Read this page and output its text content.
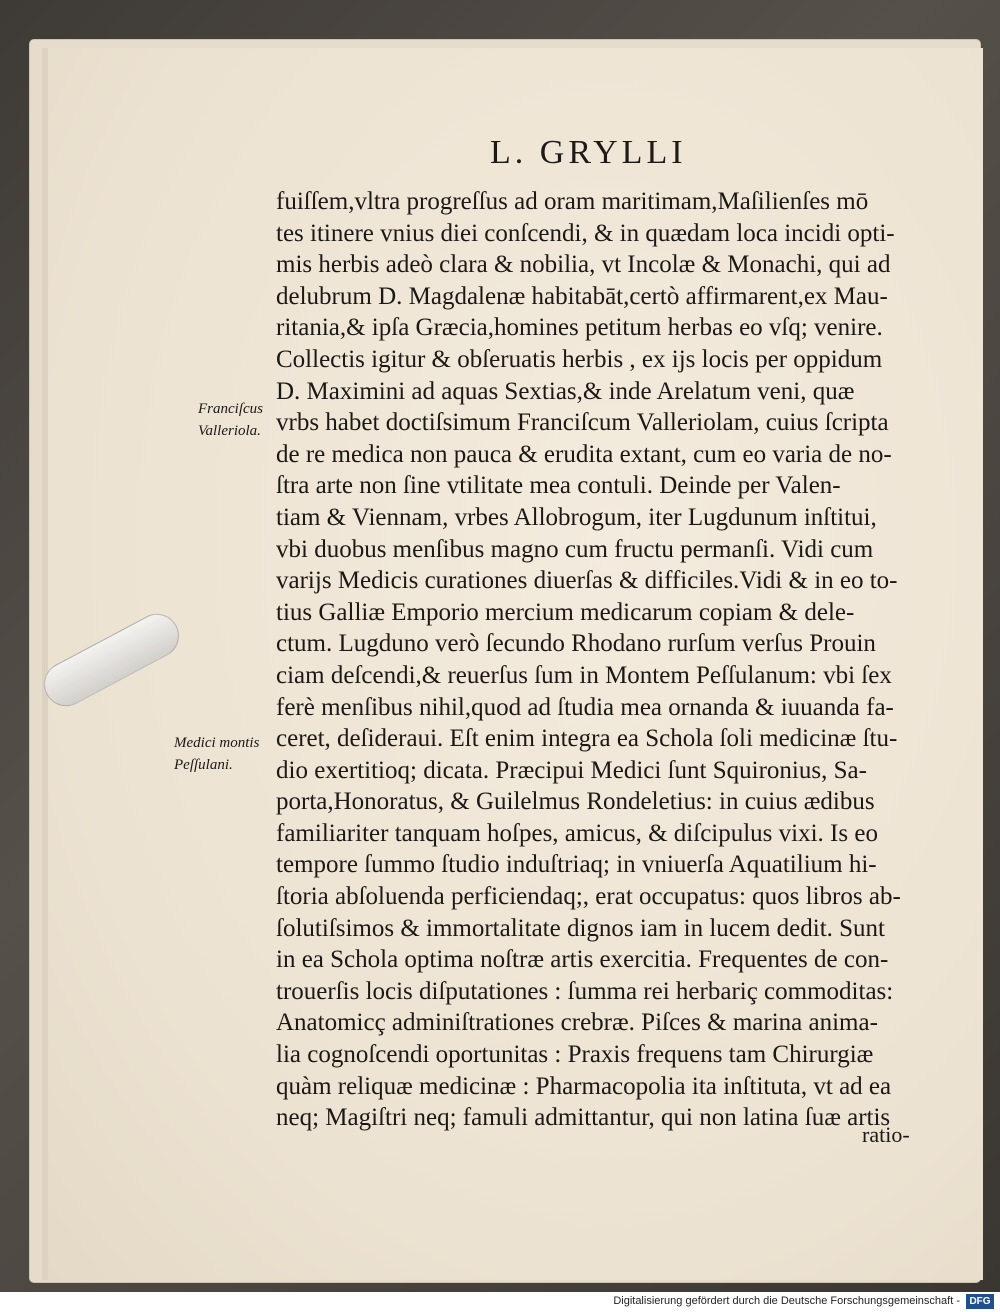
L. GRYLLI
Franciſcus
Valleriola.
Medici montis
Peſſulani.
fuiſſem,vltra progreſſus ad oram maritimam,Maſilienſes mō
tes itinere vnius diei conſcendi, & in quædam loca incidi opti-
mis herbis adeò clara & nobilia, vt Incolæ & Monachi, qui ad
delubrum D. Magdalenæ habitabāt,certò affirmarent,ex Mau-
ritania,& ipſa Græcia,homines petitum herbas eo vſq; venire.
Collectis igitur & obſeruatis herbis , ex ijs locis per oppidum
D. Maximini ad aquas Sextias,& inde Arelatum veni, quæ
vrbs habet doctiſsimum Franciſcum Valleriolam, cuius ſcripta
de re medica non pauca & erudita extant, cum eo varia de no-
ſtra arte non ſine vtilitate mea contuli. Deinde per Valen-
tiam & Viennam, vrbes Allobrogum, iter Lugdunum inſtitui,
vbi duobus menſibus magno cum fructu permanſi. Vidi cum
varijs Medicis curationes diuerſas & difficiles.Vidi & in eo to-
tius Galliæ Emporio mercium medicarum copiam & dele-
ctum. Lugduno verò ſecundo Rhodano rurſum verſus Prouin
ciam deſcendi,& reuerſus ſum in Montem Peſſulanum: vbi ſex
ferè menſibus nihil,quod ad ſtudia mea ornanda & iuuanda fa-
ceret, deſideraui. Eſt enim integra ea Schola ſoli medicinæ ſtu-
dio exertitioq; dicata. Præcipui Medici ſunt Squironius, Sa-
porta,Honoratus, & Guilelmus Rondeletius: in cuius ædibus
familiariter tanquam hoſpes, amicus, & diſcipulus vixi. Is eo
tempore ſummo ſtudio induſtriaq; in vniuerſa Aquatilium hi-
ſtoria abſoluenda perficiendaq;, erat occupatus: quos libros ab-
ſolutiſsimos & immortalitate dignos iam in lucem dedit. Sunt
in ea Schola optima noſtræ artis exercitia. Frequentes de con-
trouerſis locis diſputationes : ſumma rei herbariç commoditas:
Anatomicç adminiſtrationes crebræ. Piſces & marina anima-
lia cognoſcendi oportunitas : Praxis frequens tam Chirurgiæ
quàm reliquæ medicinæ : Pharmacopolia ita inſtituta, vt ad ea
neq; Magiſtri neq; famuli admittantur, qui non latina ſuæ artis
ratio-
Digitalisierung gefördert durch die Deutsche Forschungsgemeinschaft - DFG
